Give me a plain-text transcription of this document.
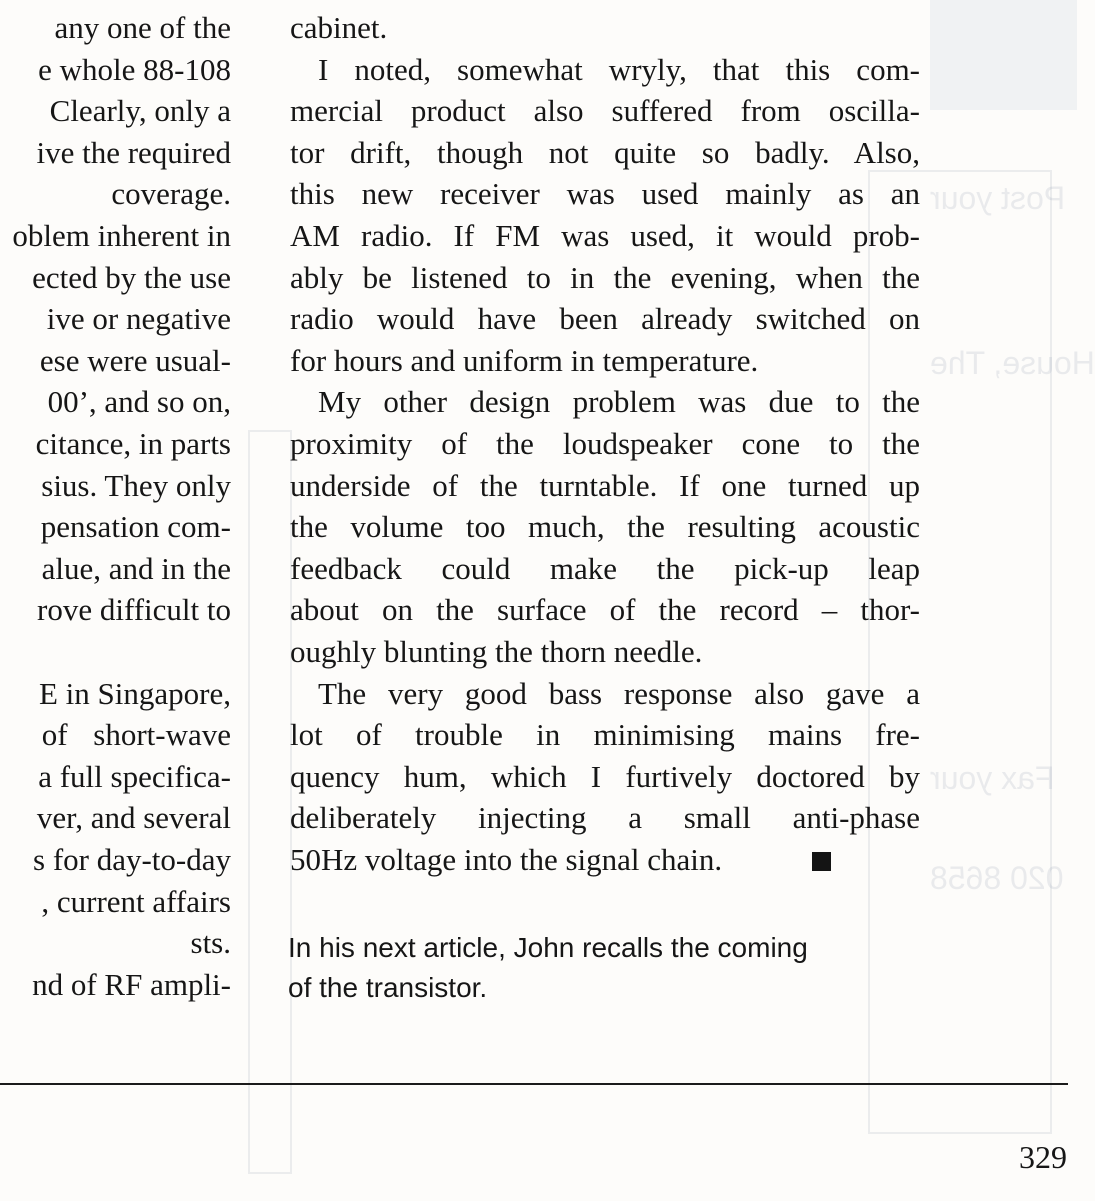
Post your
House, The
Fax your
020 8658
any one of the
e whole 88-108
Clearly, only a
ive the required
coverage.
oblem inherent in
ected by the use
ive or negative
ese were usual-
00’, and so on,
citance, in parts
sius. They only
pensation com-
alue, and in the
rove difficult to
E in Singapore,
of short-wave
a full specifica-
ver, and several
s for day-to-day
, current affairs
sts.
nd of RF ampli-
cabinet.
I noted, somewhat wryly, that this com-
mercial product also suffered from oscilla-
tor drift, though not quite so badly. Also,
this new receiver was used mainly as an
AM radio. If FM was used, it would prob-
ably be listened to in the evening, when the
radio would have been already switched on
for hours and uniform in temperature.
My other design problem was due to the
proximity of the loudspeaker cone to the
underside of the turntable. If one turned up
the volume too much, the resulting acoustic
feedback could make the pick-up leap
about on the surface of the record – thor-
oughly blunting the thorn needle.
The very good bass response also gave a
lot of trouble in minimising mains fre-
quency hum, which I furtively doctored by
deliberately injecting a small anti-phase
50Hz voltage into the signal chain.
In his next article, John recalls the coming
of the transistor.
329
